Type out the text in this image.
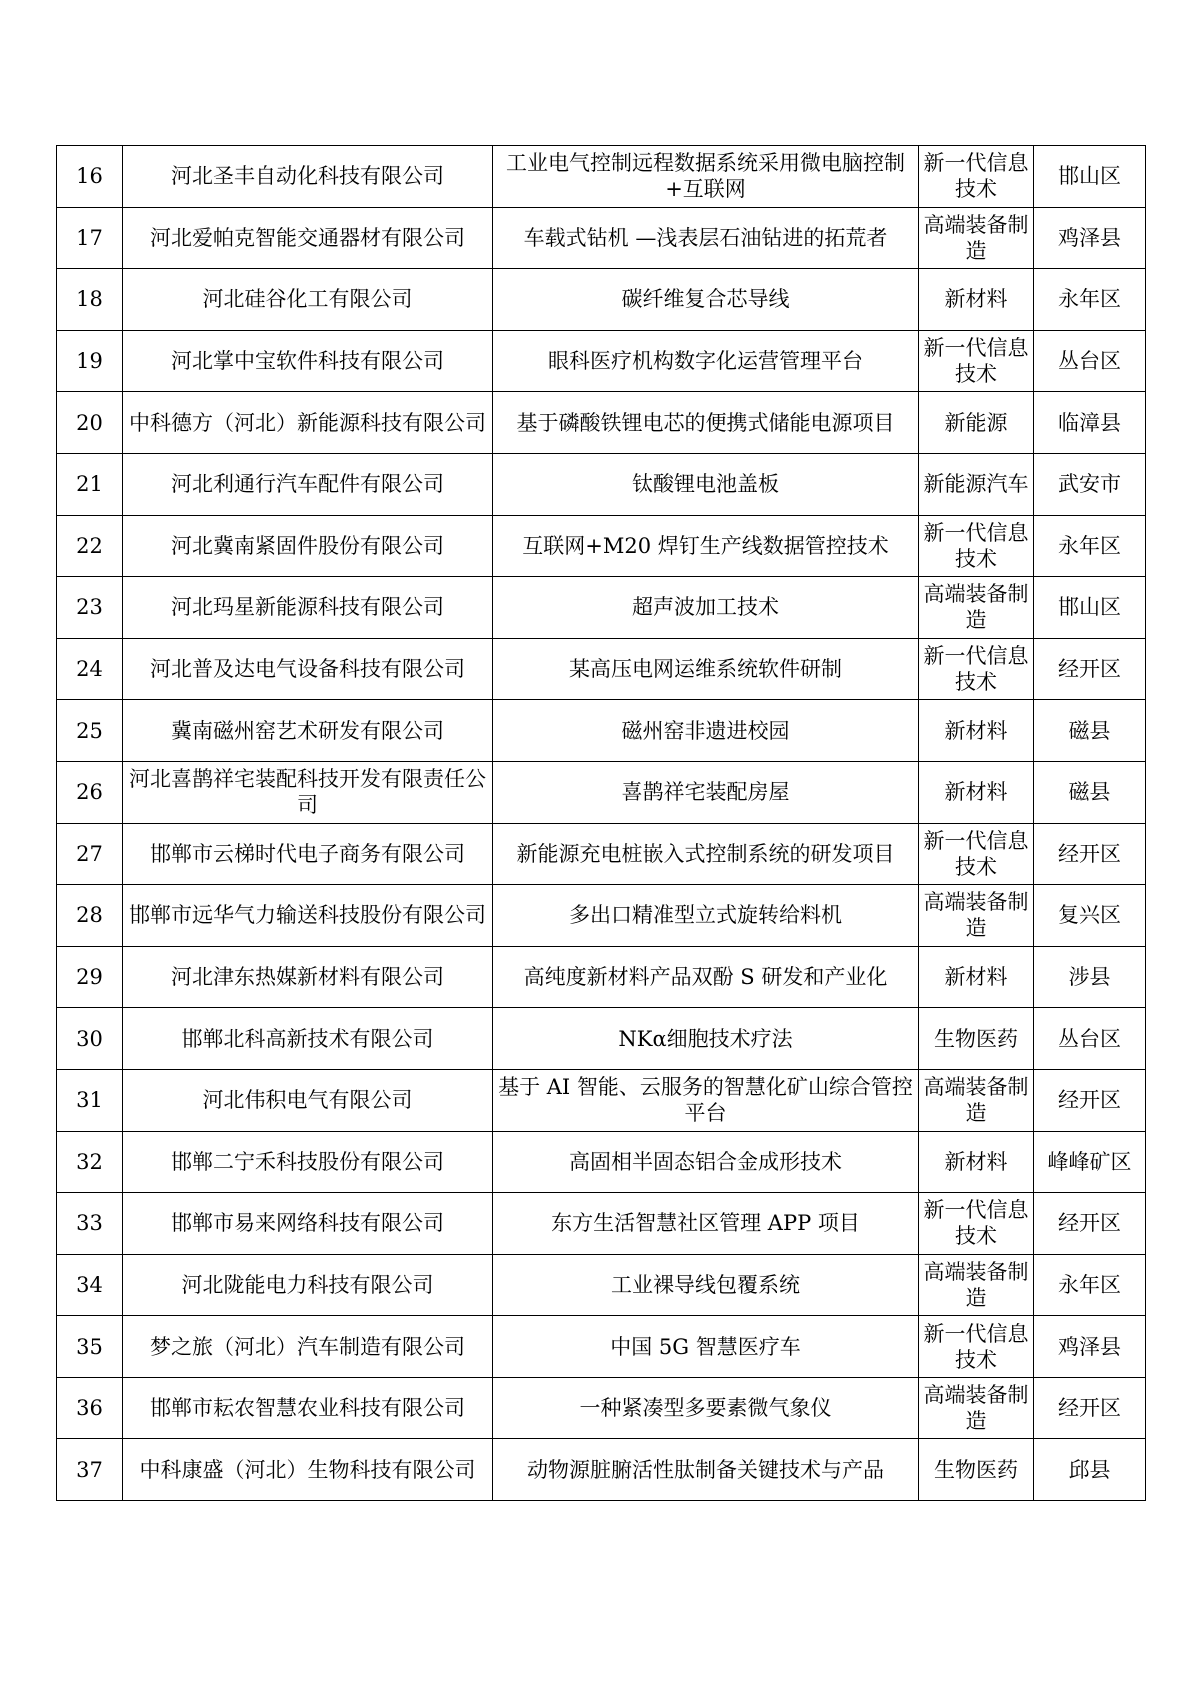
16	河北圣丰自动化科技有限公司	工业电气控制远程数据系统采用微电脑控制+互联网	新一代信息技术	邯山区
17	河北爱帕克智能交通器材有限公司	车载式钻机 —浅表层石油钻进的拓荒者	高端装备制造	鸡泽县
18	河北硅谷化工有限公司	碳纤维复合芯导线	新材料	永年区
19	河北掌中宝软件科技有限公司	眼科医疗机构数字化运营管理平台	新一代信息技术	丛台区
20	中科德方（河北）新能源科技有限公司	基于磷酸铁锂电芯的便携式储能电源项目	新能源	临漳县
21	河北利通行汽车配件有限公司	钛酸锂电池盖板	新能源汽车	武安市
22	河北冀南紧固件股份有限公司	互联网+M20 焊钉生产线数据管控技术	新一代信息技术	永年区
23	河北玛星新能源科技有限公司	超声波加工技术	高端装备制造	邯山区
24	河北普及达电气设备科技有限公司	某高压电网运维系统软件研制	新一代信息技术	经开区
25	冀南磁州窑艺术研发有限公司	磁州窑非遗进校园	新材料	磁县
26	河北喜鹊祥宅装配科技开发有限责任公司	喜鹊祥宅装配房屋	新材料	磁县
27	邯郸市云梯时代电子商务有限公司	新能源充电桩嵌入式控制系统的研发项目	新一代信息技术	经开区
28	邯郸市远华气力输送科技股份有限公司	多出口精准型立式旋转给料机	高端装备制造	复兴区
29	河北津东热媒新材料有限公司	高纯度新材料产品双酚 S 研发和产业化	新材料	涉县
30	邯郸北科高新技术有限公司	NKα细胞技术疗法	生物医药	丛台区
31	河北伟积电气有限公司	基于 AI 智能、云服务的智慧化矿山综合管控平台	高端装备制造	经开区
32	邯郸二宁禾科技股份有限公司	高固相半固态铝合金成形技术	新材料	峰峰矿区
33	邯郸市易来网络科技有限公司	东方生活智慧社区管理 APP 项目	新一代信息技术	经开区
34	河北陇能电力科技有限公司	工业裸导线包覆系统	高端装备制造	永年区
35	梦之旅（河北）汽车制造有限公司	中国 5G 智慧医疗车	新一代信息技术	鸡泽县
36	邯郸市耘农智慧农业科技有限公司	一种紧凑型多要素微气象仪	高端装备制造	经开区
37	中科康盛（河北）生物科技有限公司	动物源脏腑活性肽制备关键技术与产品	生物医药	邱县
